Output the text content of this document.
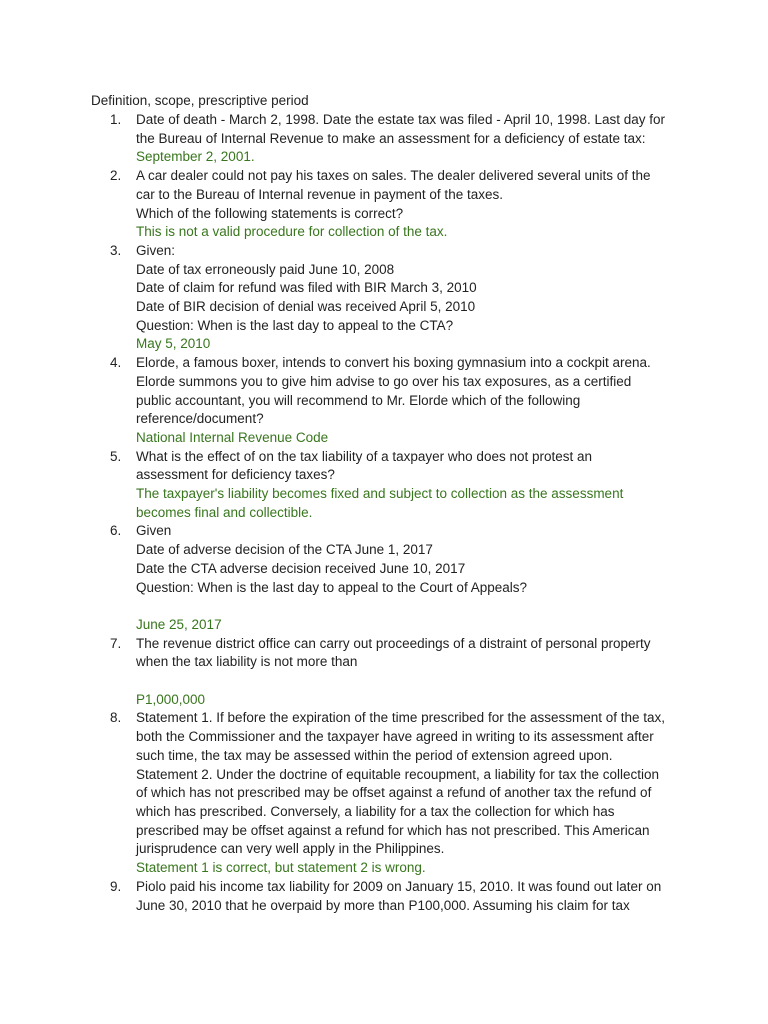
Definition, scope, prescriptive period

1.	Date of death - March 2, 1998. Date the estate tax was filed - April 10, 1998. Last day for
the Bureau of Internal Revenue to make an assessment for a deficiency of estate tax:
September 2, 2001.
2.	A car dealer could not pay his taxes on sales. The dealer delivered several units of the
car to the Bureau of Internal revenue in payment of the taxes.
Which of the following statements is correct?
This is not a valid procedure for collection of the tax.
3.	Given:
Date of tax erroneously paid June 10, 2008
Date of claim for refund was filed with BIR March 3, 2010
Date of BIR decision of denial was received April 5, 2010
Question: When is the last day to appeal to the CTA?
May 5, 2010
4.	Elorde, a famous boxer, intends to convert his boxing gymnasium into a cockpit arena.
Elorde summons you to give him advise to go over his tax exposures, as a certified
public accountant, you will recommend to Mr. Elorde which of the following
reference/document?
National Internal Revenue Code
5.	What is the effect of on the tax liability of a taxpayer who does not protest an
assessment for deficiency taxes?
The taxpayer's liability becomes fixed and subject to collection as the assessment
becomes final and collectible.
6.	Given
Date of adverse decision of the CTA June 1, 2017
Date the CTA adverse decision received June 10, 2017
Question: When is the last day to appeal to the Court of Appeals?
June 25, 2017
7.	The revenue district office can carry out proceedings of a distraint of personal property
when the tax liability is not more than
P1,000,000
8.	Statement 1. If before the expiration of the time prescribed for the assessment of the tax,
both the Commissioner and the taxpayer have agreed in writing to its assessment after
such time, the tax may be assessed within the period of extension agreed upon.
Statement 2. Under the doctrine of equitable recoupment, a liability for tax the collection
of which has not prescribed may be offset against a refund of another tax the refund of
which has prescribed. Conversely, a liability for a tax the collection for which has
prescribed may be offset against a refund for which has not prescribed. This American
jurisprudence can very well apply in the Philippines.
Statement 1 is correct, but statement 2 is wrong.
9.	Piolo paid his income tax liability for 2009 on January 15, 2010. It was found out later on
June 30, 2010 that he overpaid by more than P100,000. Assuming his claim for tax
